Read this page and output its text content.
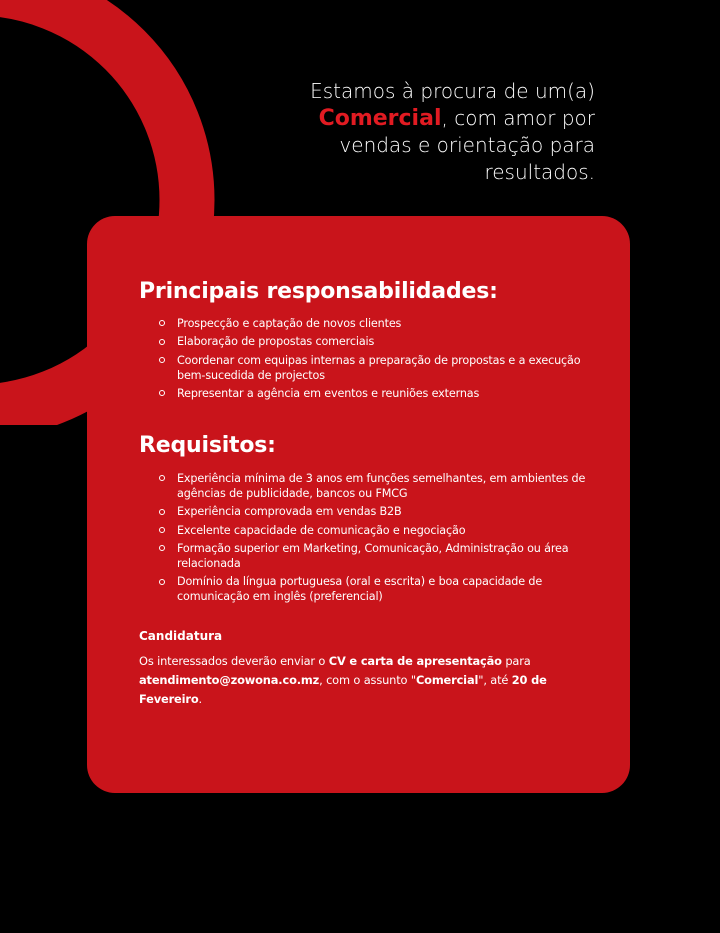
Estamos à procura de um(a)
Comercial, com amor por
vendas e orientação para
resultados.

Principais responsabilidades:
Prospecção e captação de novos clientes
Elaboração de propostas comerciais
Coordenar com equipas internas a preparação de propostas e a execução bem-sucedida de projectos
Representar a agência em eventos e reuniões externas
Requisitos:
Experiência mínima de 3 anos em funções semelhantes, em ambientes de agências de publicidade, bancos ou FMCG
Experiência comprovada em vendas B2B
Excelente capacidade de comunicação e negociação
Formação superior em Marketing, Comunicação, Administração ou área relacionada
Domínio da língua portuguesa (oral e escrita) e boa capacidade de comunicação em inglês (preferencial)
Candidatura

Os interessados deverão enviar o CV e carta de apresentação para atendimento@zowona.co.mz, com o assunto "Comercial", até 20 de Fevereiro.
